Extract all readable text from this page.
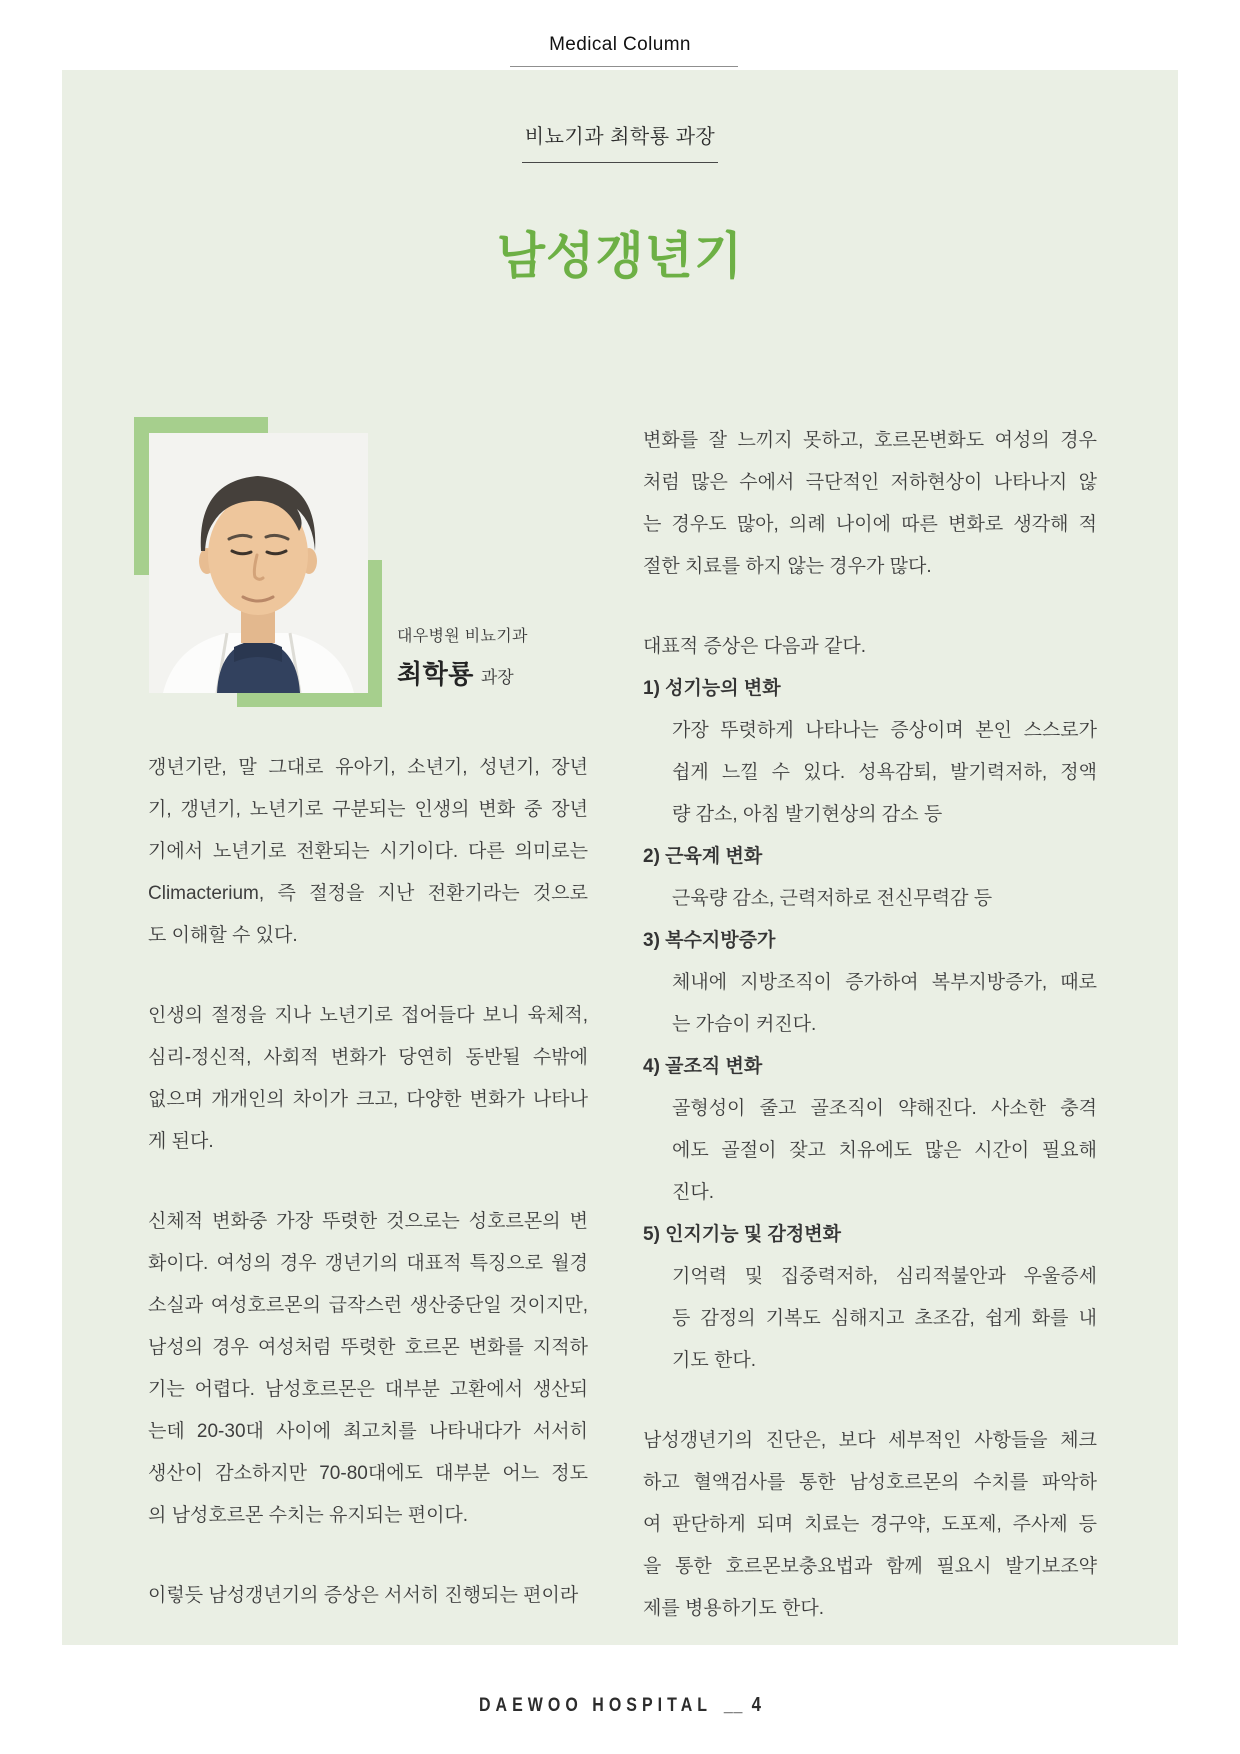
Medical Column
비뇨기과 최학룡 과장
남성갱년기
대우병원 비뇨기과
최학룡 과장
갱년기란, 말 그대로 유아기, 소년기, 성년기, 장년
기, 갱년기, 노년기로 구분되는 인생의 변화 중 장년
기에서 노년기로 전환되는 시기이다. 다른 의미로는
Climacterium, 즉 절정을 지난 전환기라는 것으로
도 이해할 수 있다.
인생의 절정을 지나 노년기로 접어들다 보니 육체적,
심리-정신적, 사회적 변화가 당연히 동반될 수밖에
없으며 개개인의 차이가 크고, 다양한 변화가 나타나
게 된다.
신체적 변화중 가장 뚜렷한 것으로는 성호르몬의 변
화이다. 여성의 경우 갱년기의 대표적 특징으로 월경
소실과 여성호르몬의 급작스런 생산중단일 것이지만,
남성의 경우 여성처럼 뚜렷한 호르몬 변화를 지적하
기는 어렵다. 남성호르몬은 대부분 고환에서 생산되
는데 20-30대 사이에 최고치를 나타내다가 서서히
생산이 감소하지만 70-80대에도 대부분 어느 정도
의 남성호르몬 수치는 유지되는 편이다.
이렇듯 남성갱년기의 증상은 서서히 진행되는 편이라
변화를 잘 느끼지 못하고, 호르몬변화도 여성의 경우
처럼 많은 수에서 극단적인 저하현상이 나타나지 않
는 경우도 많아, 의례 나이에 따른 변화로 생각해 적
절한 치료를 하지 않는 경우가 많다.
대표적 증상은 다음과 같다.
1) 성기능의 변화
가장 뚜렷하게 나타나는 증상이며 본인 스스로가
쉽게 느낄 수 있다. 성욕감퇴, 발기력저하, 정액
량 감소, 아침 발기현상의 감소 등
2) 근육계 변화
근육량 감소, 근력저하로 전신무력감 등
3) 복수지방증가
체내에 지방조직이 증가하여 복부지방증가, 때로
는 가슴이 커진다.
4) 골조직 변화
골형성이 줄고 골조직이 약해진다. 사소한 충격
에도 골절이 잦고 치유에도 많은 시간이 필요해
진다.
5) 인지기능 및 감정변화
기억력 및 집중력저하, 심리적불안과 우울증세
등 감정의 기복도 심해지고 초조감, 쉽게 화를 내
기도 한다.
남성갱년기의 진단은, 보다 세부적인 사항들을 체크
하고 혈액검사를 통한 남성호르몬의 수치를 파악하
여 판단하게 되며 치료는 경구약, 도포제, 주사제 등
을 통한 호르몬보충요법과 함께 필요시 발기보조약
제를 병용하기도 한다.
DAEWOO HOSPITAL __ 4
